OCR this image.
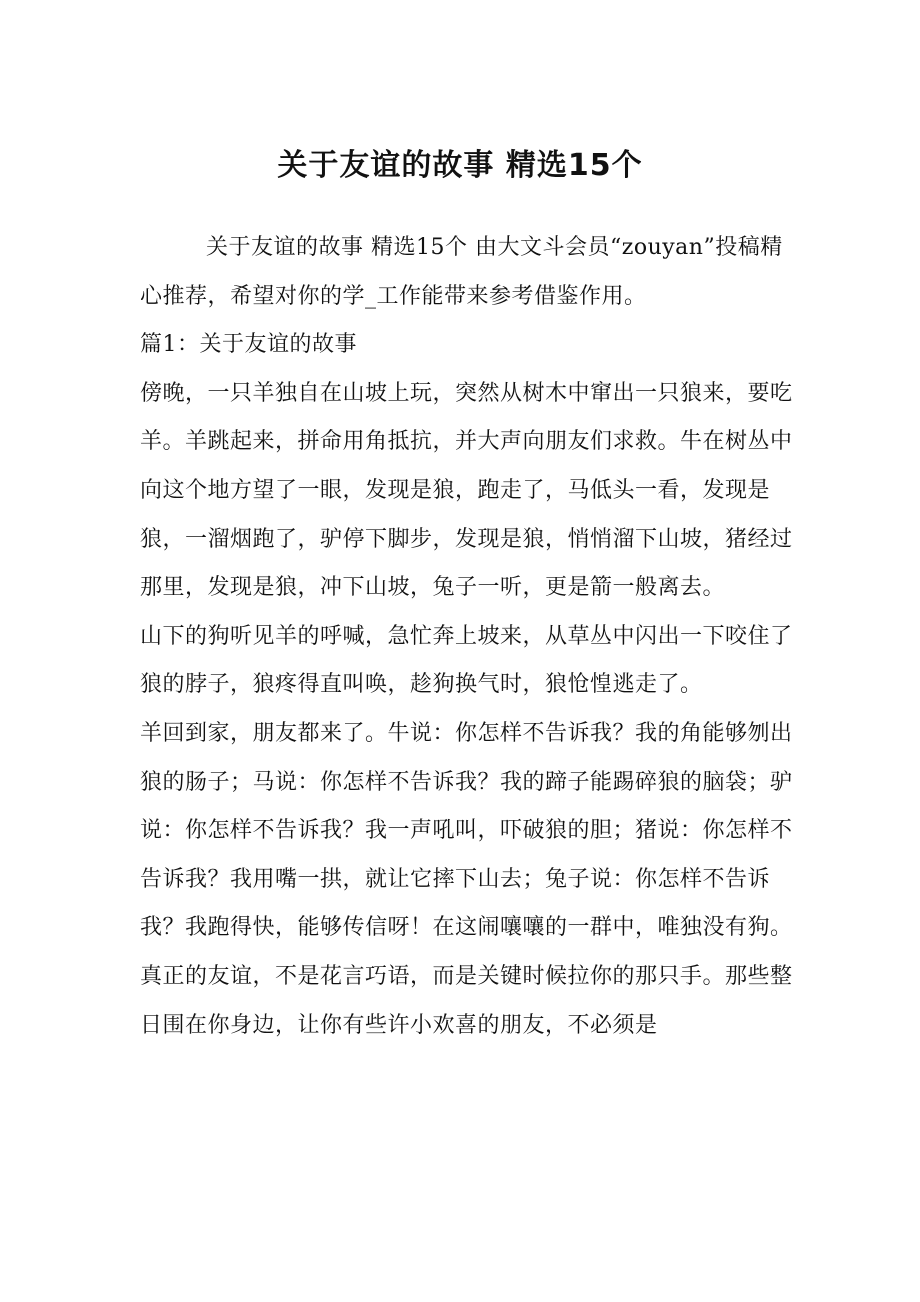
关于友谊的故事 精选15个

关于友谊的故事 精选15个 由大文斗会员“zouyan”投稿精心推荐，希望对你的学_工作能带来参考借鉴作用。

篇1：关于友谊的故事

傍晚，一只羊独自在山坡上玩，突然从树木中窜出一只狼来，要吃羊。羊跳起来，拼命用角抵抗，并大声向朋友们求救。牛在树丛中向这个地方望了一眼，发现是狼，跑走了，马低头一看，发现是狼，一溜烟跑了，驴停下脚步，发现是狼，悄悄溜下山坡，猪经过那里，发现是狼，冲下山坡，兔子一听，更是箭一般离去。

山下的狗听见羊的呼喊，急忙奔上坡来，从草丛中闪出一下咬住了狼的脖子，狼疼得直叫唤，趁狗换气时，狼怆惶逃走了。

羊回到家，朋友都来了。牛说：你怎样不告诉我？我的角能够刎出狼的肠子；马说：你怎样不告诉我？我的蹄子能踢碎狼的脑袋；驴说：你怎样不告诉我？我一声吼叫，吓破狼的胆；猪说：你怎样不告诉我？我用嘴一拱，就让它摔下山去；兔子说：你怎样不告诉我？我跑得快，能够传信呀！在这闹嚷嚷的一群中，唯独没有狗。

真正的友谊，不是花言巧语，而是关键时候拉你的那只手。那些整日围在你身边，让你有些许小欢喜的朋友，不必须是
